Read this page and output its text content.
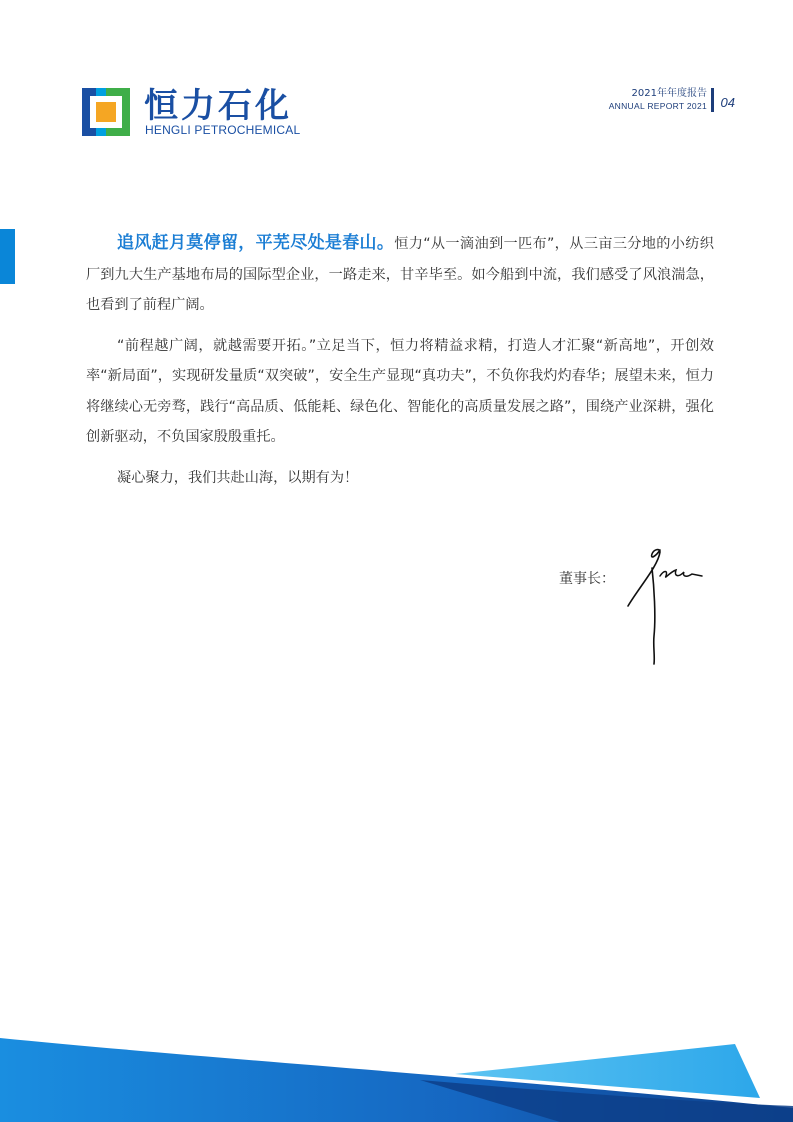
恒力石化
HENGLI PETROCHEMICAL
2021年年度报告
ANNUAL REPORT 2021 04

追风赶月莫停留，平芜尽处是春山。恒力“从一滴油到一匹布”，从三亩三分地的小纺织厂到九大生产基地布局的国际型企业，一路走来，甘辛毕至。如今船到中流，我们感受了风浪湍急，也看到了前程广阔。

“前程越广阔，就越需要开拓。”立足当下，恒力将精益求精，打造人才汇聚“新高地”，开创效率“新局面”，实现研发量质“双突破”，安全生产显现“真功夫”，不负你我灼灼春华；展望未来，恒力将继续心无旁骛，践行“高品质、低能耗、绿色化、智能化的高质量发展之路”，围绕产业深耕，强化创新驱动，不负国家殷殷重托。

凝心聚力，我们共赴山海，以期有为！

董事长：
